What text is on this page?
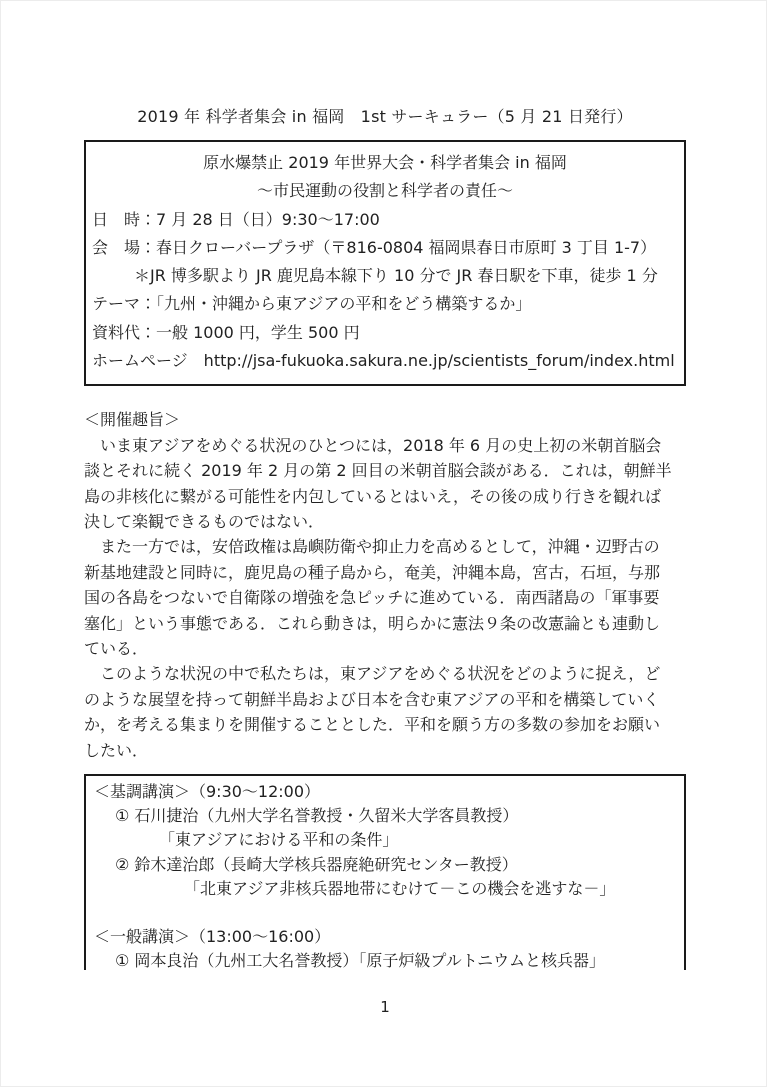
2019 年 科学者集会 in 福岡　1st サーキュラー（5 月 21 日発行）
原水爆禁止 2019 年世界大会・科学者集会 in 福岡
～市民運動の役割と科学者の責任～
日　時：7 月 28 日（日）9:30～17:00
会　場：春日クローバープラザ（〒816-0804 福岡県春日市原町 3 丁目 1-7）
＊JR 博多駅より JR 鹿児島本線下り 10 分で JR 春日駅を下車，徒歩 1 分
テーマ：「九州・沖縄から東アジアの平和をどう構築するか」
資料代：一般 1000 円，学生 500 円
ホームページ　http://jsa-fukuoka.sakura.ne.jp/scientists_forum/index.html
＜開催趣旨＞
　いま東アジアをめぐる状況のひとつには，2018 年 6 月の史上初の米朝首脳会
談とそれに続く 2019 年 2 月の第 2 回目の米朝首脳会談がある．これは，朝鮮半
島の非核化に繋がる可能性を内包しているとはいえ，その後の成り行きを観れば
決して楽観できるものではない．
　また一方では，安倍政権は島嶼防衛や抑止力を高めるとして，沖縄・辺野古の
新基地建設と同時に，鹿児島の種子島から，奄美，沖縄本島，宮古，石垣，与那
国の各島をつないで自衛隊の増強を急ピッチに進めている．南西諸島の「軍事要
塞化」という事態である．これら動きは，明らかに憲法９条の改憲論とも連動し
ている．
　このような状況の中で私たちは，東アジアをめぐる状況をどのように捉え，ど
のような展望を持って朝鮮半島および日本を含む東アジアの平和を構築していく
か，を考える集まりを開催することとした．平和を願う方の多数の参加をお願い
したい．
＜基調講演＞（9:30～12:00）
① 石川捷治（九州大学名誉教授・久留米大学客員教授）
「東アジアにおける平和の条件」
② 鈴木達治郎（長崎大学核兵器廃絶研究センター教授）
「北東アジア非核兵器地帯にむけて－この機会を逃すな－」
＜一般講演＞（13:00～16:00）
① 岡本良治（九州工大名誉教授）「原子炉級プルトニウムと核兵器」
1
